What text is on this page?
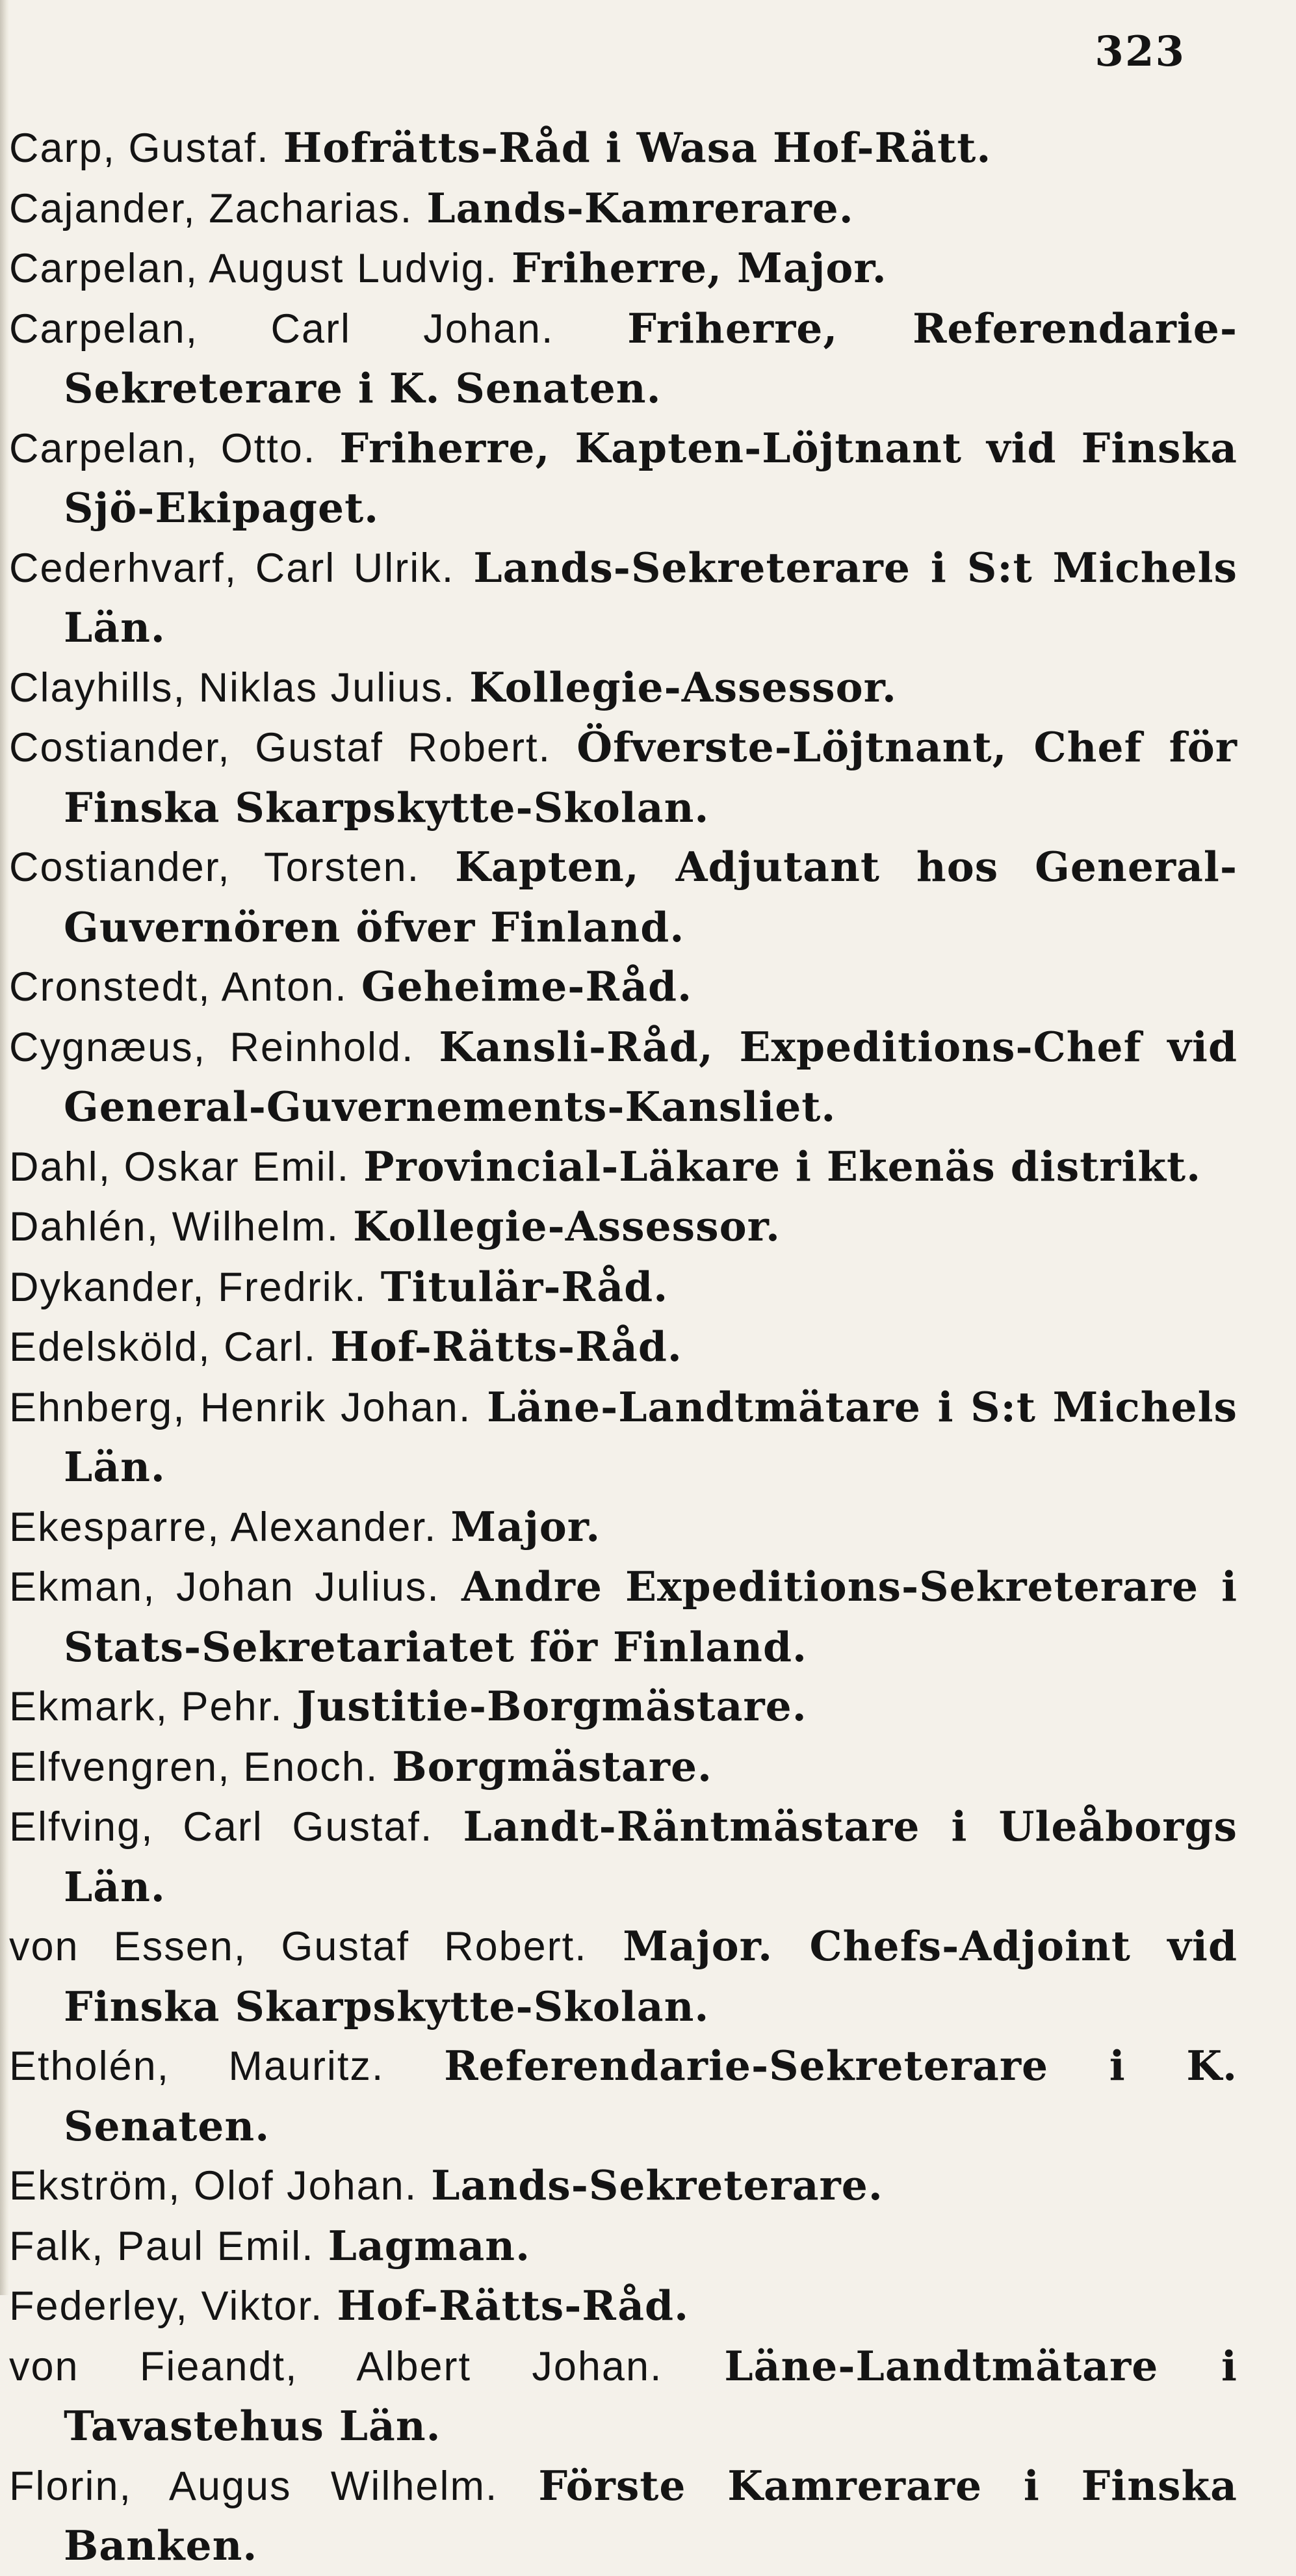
323
Carp, Gustaf. Hofrätts-Råd i Wasa Hof-Rätt.
Cajander, Zacharias. Lands-Kamrerare.
Carpelan, August Ludvig. Friherre, Major.
Carpelan, Carl Johan. Friherre, Referendarie-Sekreterare i K. Senaten.
Carpelan, Otto. Friherre, Kapten-Löjtnant vid Finska Sjö-Ekipaget.
Cederhvarf, Carl Ulrik. Lands-Sekreterare i S:t Michels Län.
Clayhills, Niklas Julius. Kollegie-Assessor.
Costiander, Gustaf Robert. Öfverste-Löjtnant, Chef för Finska Skarpskytte-Skolan.
Costiander, Torsten. Kapten, Adjutant hos General-Guvernören öfver Finland.
Cronstedt, Anton. Geheime-Råd.
Cygnæus, Reinhold. Kansli-Råd, Expeditions-Chef vid General-Guvernements-Kansliet.
Dahl, Oskar Emil. Provincial-Läkare i Ekenäs distrikt.
Dahlén, Wilhelm. Kollegie-Assessor.
Dykander, Fredrik. Titulär-Råd.
Edelsköld, Carl. Hof-Rätts-Råd.
Ehnberg, Henrik Johan. Läne-Landtmätare i S:t Michels Län.
Ekesparre, Alexander. Major.
Ekman, Johan Julius. Andre Expeditions-Sekreterare i Stats-Sekretariatet för Finland.
Ekmark, Pehr. Justitie-Borgmästare.
Elfvengren, Enoch. Borgmästare.
Elfving, Carl Gustaf. Landt-Räntmästare i Uleåborgs Län.
von Essen, Gustaf Robert. Major. Chefs-Adjoint vid Finska Skarpskytte-Skolan.
Etholén, Mauritz. Referendarie-Sekreterare i K. Senaten.
Ekström, Olof Johan. Lands-Sekreterare.
Falk, Paul Emil. Lagman.
Federley, Viktor. Hof-Rätts-Råd.
von Fieandt, Albert Johan. Läne-Landtmätare i Tavastehus Län.
Florin, Augus Wilhelm. Förste Kamrerare i Finska Banken.
